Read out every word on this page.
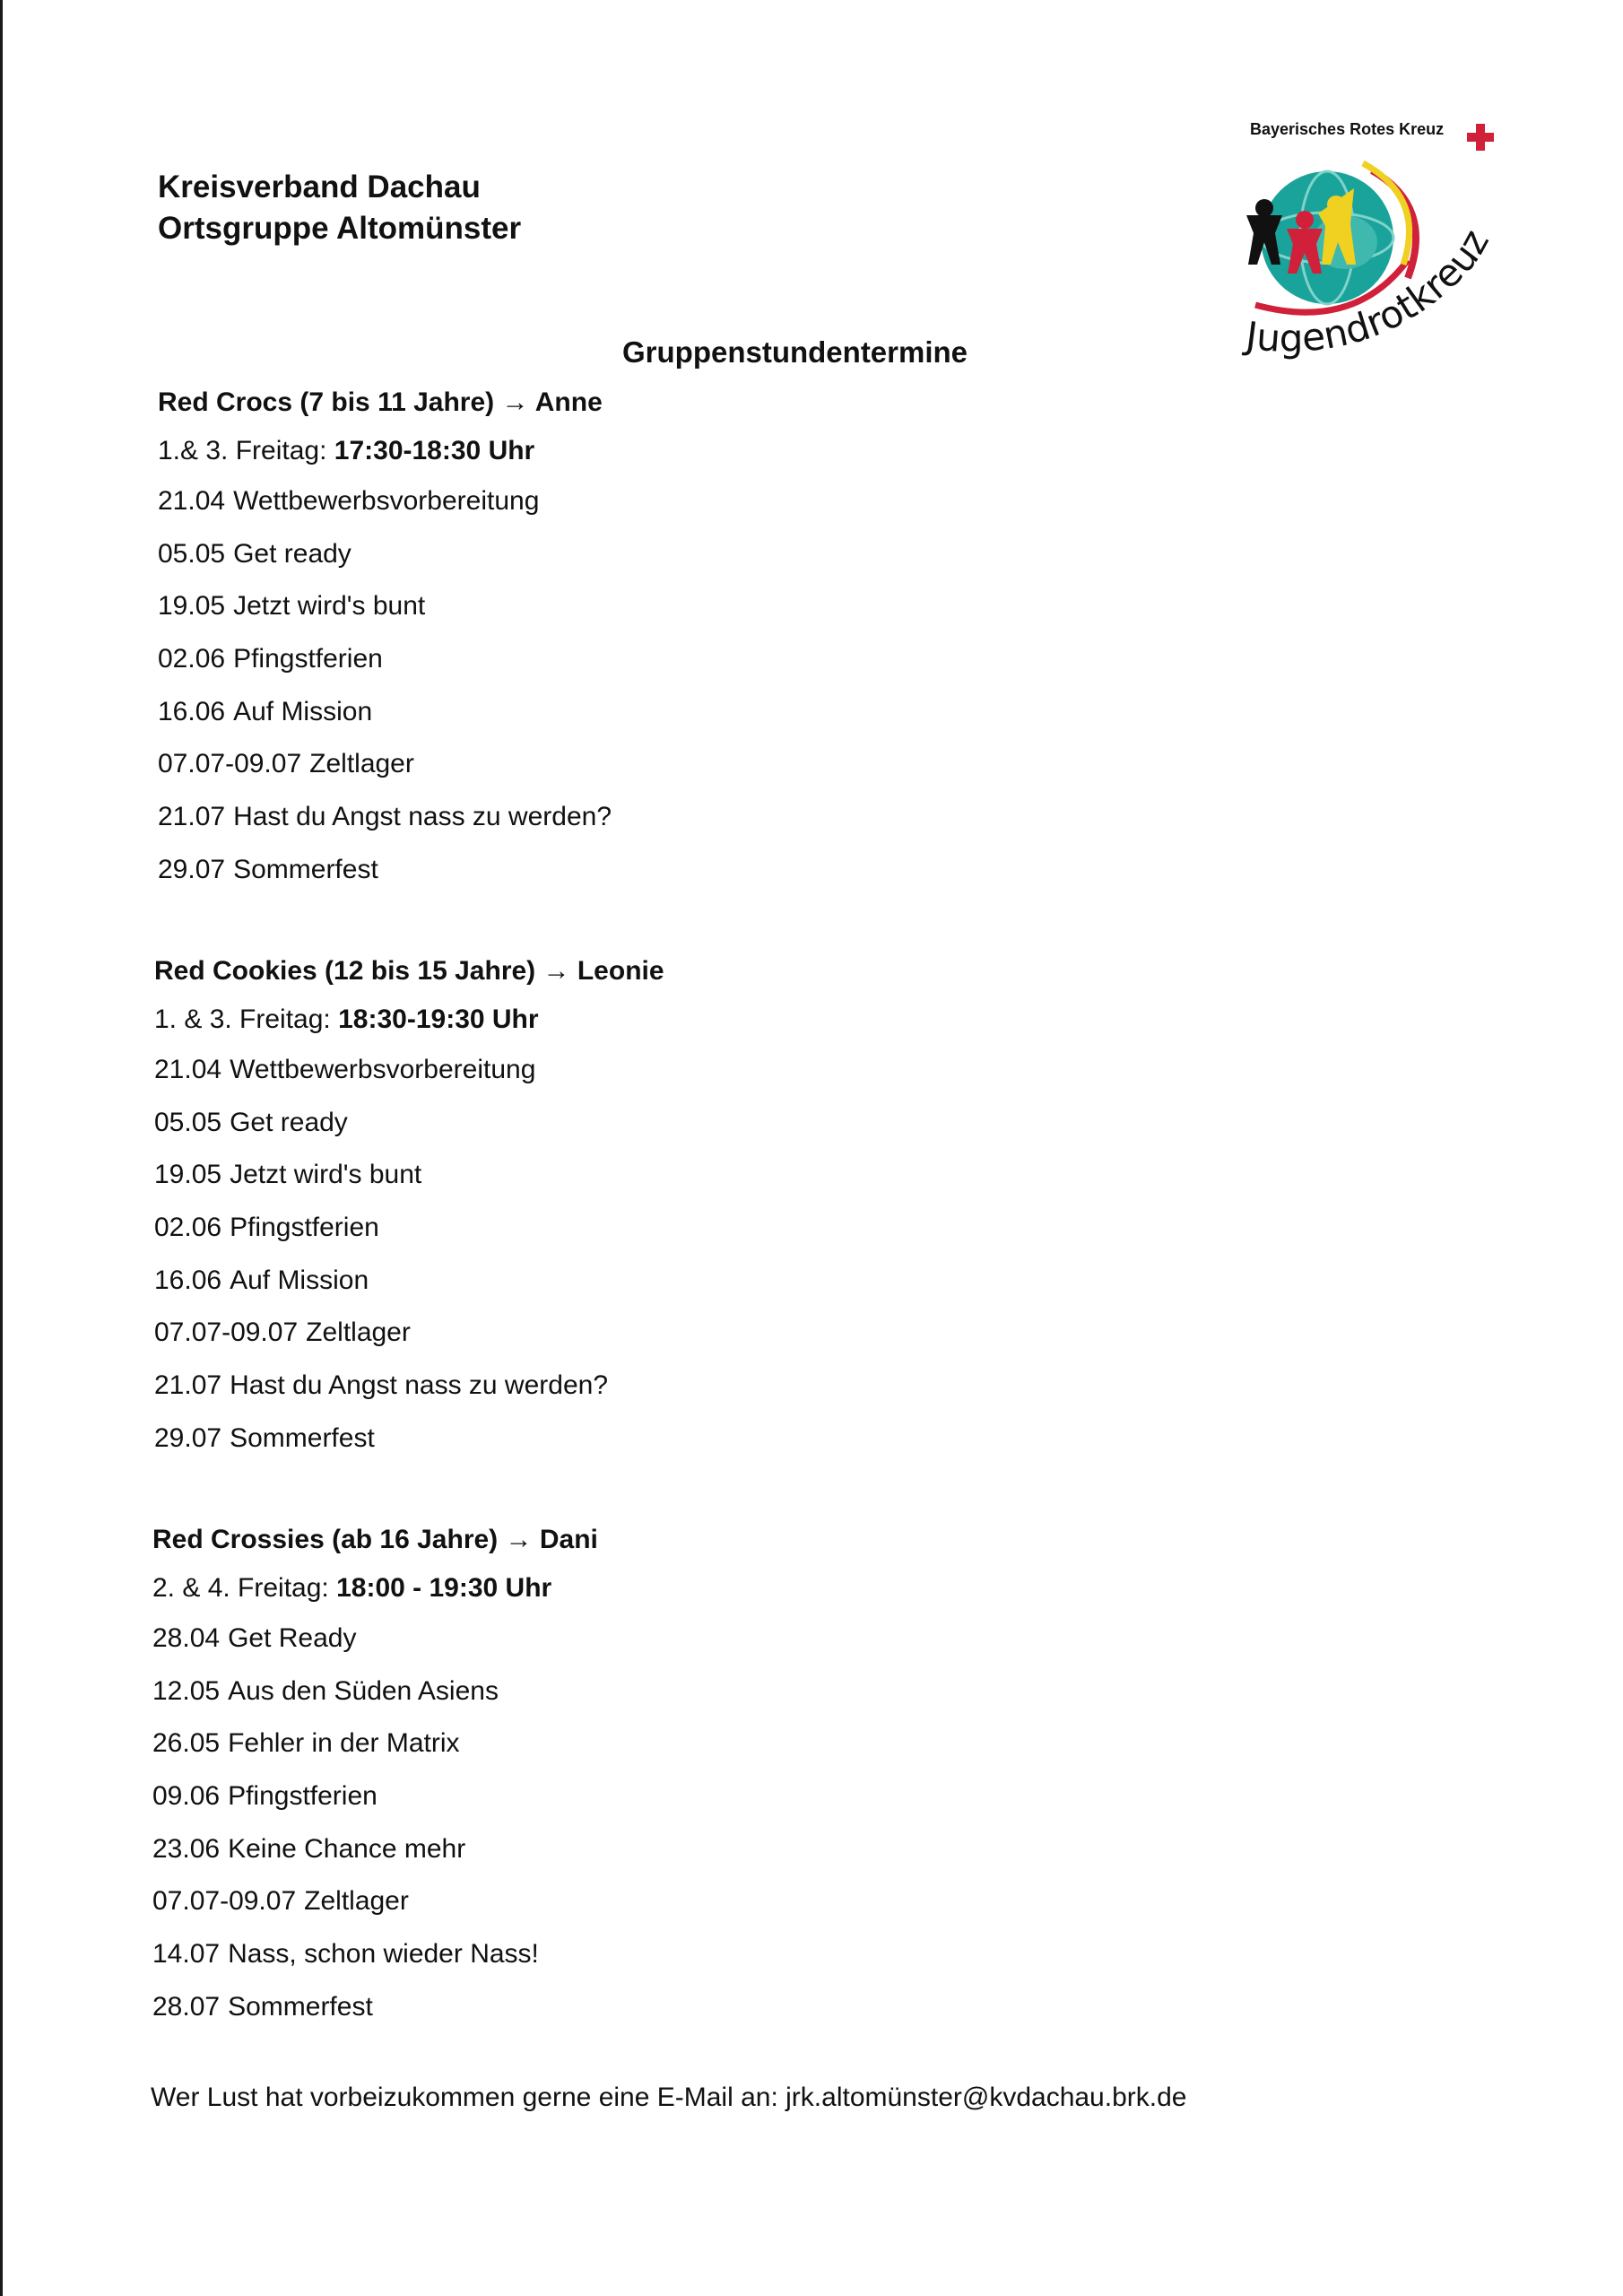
Kreisverband Dachau
Ortsgruppe Altomünster
Jugendrotkreuz
Bayerisches Rotes Kreuz
Gruppenstundentermine
Red Crocs (7 bis 11 Jahre) → Anne
1.& 3. Freitag: 17:30-18:30 Uhr
21.04 Wettbewerbsvorbereitung
05.05 Get ready
19.05 Jetzt wird's bunt
02.06 Pfingstferien
16.06 Auf Mission
07.07-09.07 Zeltlager
21.07 Hast du Angst nass zu werden?
29.07 Sommerfest
Red Cookies (12 bis 15 Jahre) → Leonie
1. & 3. Freitag: 18:30-19:30 Uhr
21.04 Wettbewerbsvorbereitung
05.05 Get ready
19.05 Jetzt wird's bunt
02.06 Pfingstferien
16.06 Auf Mission
07.07-09.07 Zeltlager
21.07 Hast du Angst nass zu werden?
29.07 Sommerfest
Red Crossies (ab 16 Jahre) → Dani
2. & 4. Freitag: 18:00 - 19:30 Uhr
28.04 Get Ready
12.05 Aus den Süden Asiens
26.05 Fehler in der Matrix
09.06 Pfingstferien
23.06 Keine Chance mehr
07.07-09.07 Zeltlager
14.07 Nass, schon wieder Nass!
28.07 Sommerfest
Wer Lust hat vorbeizukommen gerne eine E-Mail an: jrk.altomünster@kvdachau.brk.de
